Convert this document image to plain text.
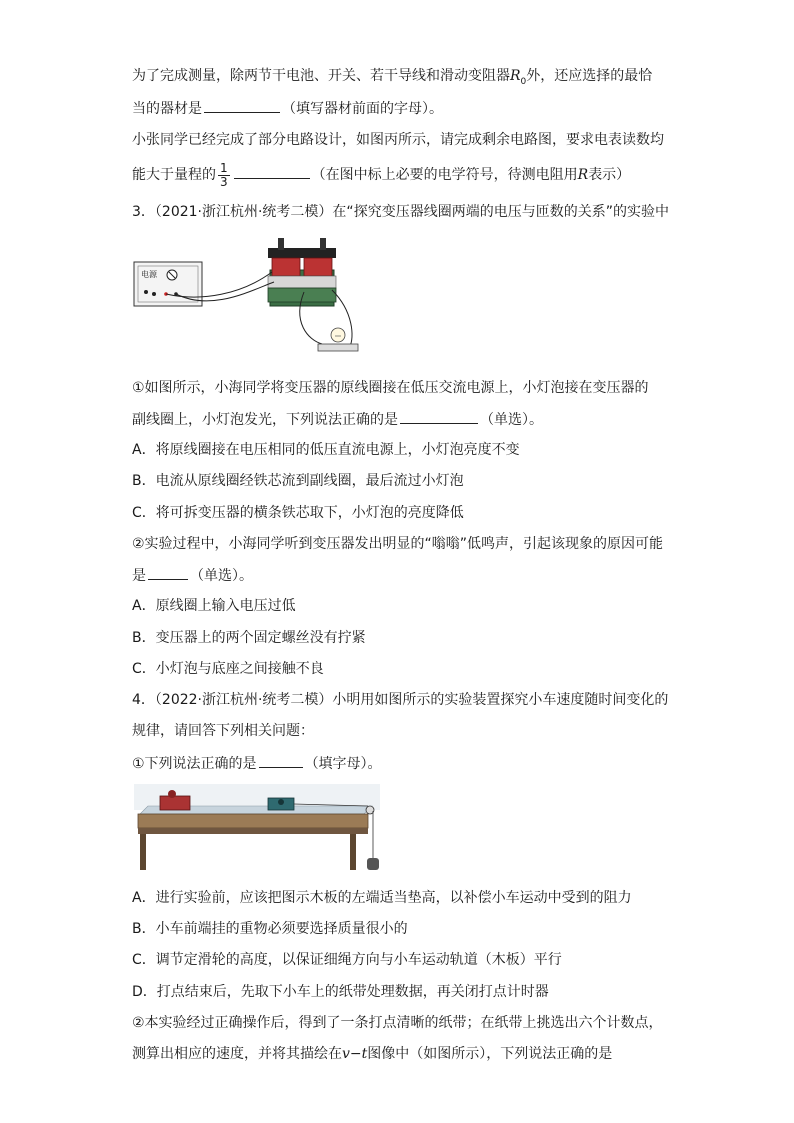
为了完成测量，除两节干电池、开关、若干导线和滑动变阻器$R_0$外，还应选择的最恰
当的器材是	（填写器材前面的字母）。
小张同学已经完成了部分电路设计，如图丙所示，请完成剩余电路图，要求电表读数均
能大于量程的 $\frac{1}{3}$	（在图中标上必要的电学符号，待测电阻用R表示）
3．（2021·浙江杭州·统考二模）在“探究变压器线圈两端的电压与匝数的关系”的实验中
电源
①如图所示，小海同学将变压器的原线圈接在低压交流电源上，小灯泡接在变压器的
副线圈上，小灯泡发光，下列说法正确的是	（单选）。
A．将原线圈接在电压相同的低压直流电源上，小灯泡亮度不变
B．电流从原线圈经铁芯流到副线圈，最后流过小灯泡
C．将可拆变压器的横条铁芯取下，小灯泡的亮度降低
②实验过程中，小海同学听到变压器发出明显的“嗡嗡”低鸣声，引起该现象的原因可能
是	（单选）。
A．原线圈上输入电压过低
B．变压器上的两个固定螺丝没有拧紧
C．小灯泡与底座之间接触不良
4．（2022·浙江杭州·统考二模）小明用如图所示的实验装置探究小车速度随时间变化的
规律，请回答下列相关问题：
①下列说法正确的是	（填字母）。
A．进行实验前，应该把图示木板的左端适当垫高，以补偿小车运动中受到的阻力
B．小车前端挂的重物必须要选择质量很小的
C．调节定滑轮的高度，以保证细绳方向与小车运动轨道（木板）平行
D．打点结束后，先取下小车上的纸带处理数据，再关闭打点计时器
②本实验经过正确操作后，得到了一条打点清晰的纸带；在纸带上挑选出六个计数点，
测算出相应的速度，并将其描绘在v−t图像中（如图所示），下列说法正确的是
